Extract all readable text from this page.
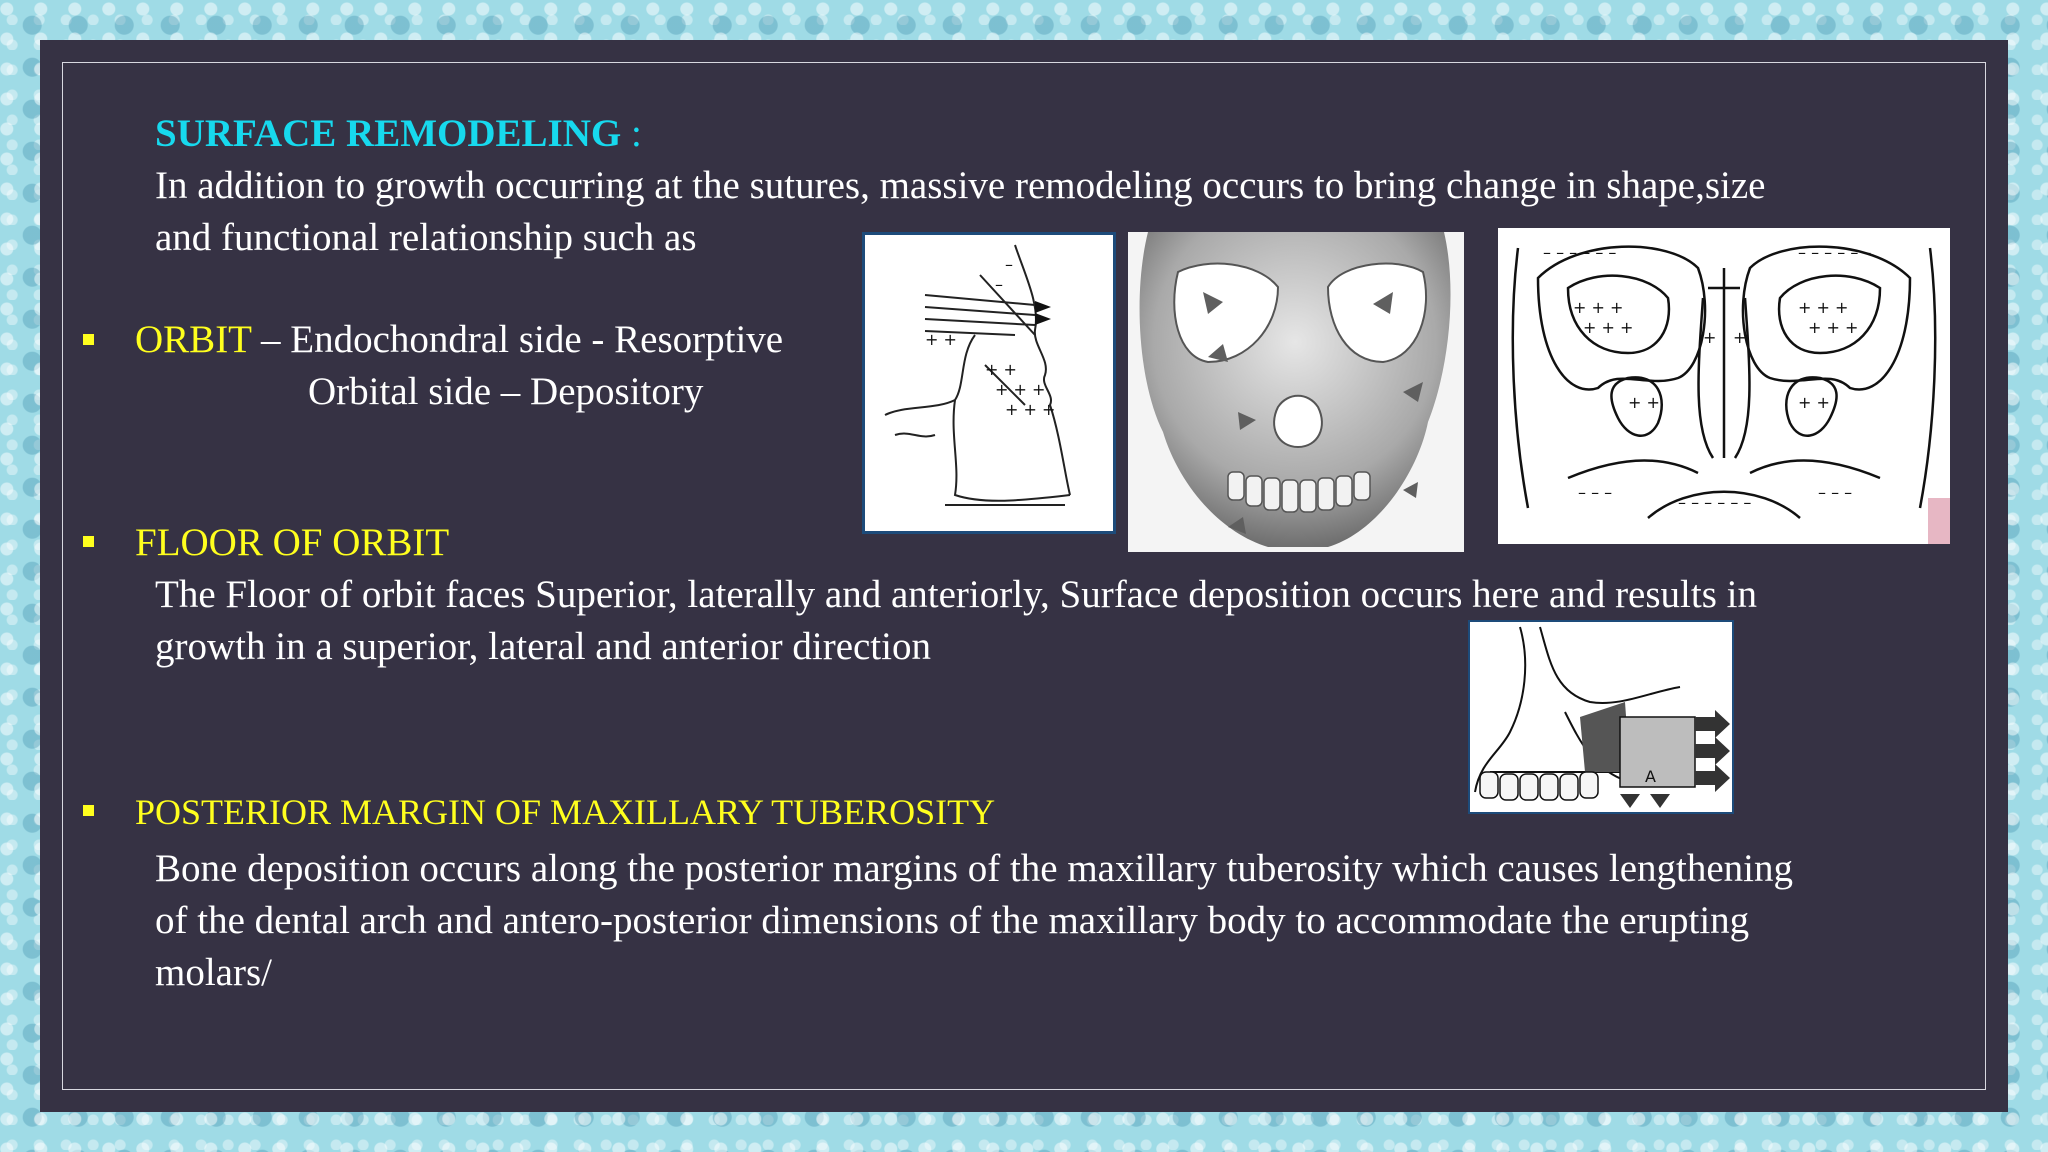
SURFACE REMODELING :
In addition to growth occurring at the sutures, massive remodeling occurs to bring change in shape,size
and functional relationship such as
ORBIT – Endochondral side - Resorptive
Orbital side – Depository
FLOOR OF ORBIT
The Floor of orbit faces Superior, laterally and anteriorly, Surface deposition occurs here and results in
growth in a superior, lateral and anterior direction
POSTERIOR MARGIN OF MAXILLARY TUBEROSITY
Bone deposition occurs along the posterior margins of the maxillary tuberosity which causes lengthening
of the dental arch and antero-posterior dimensions of the maxillary body to accommodate the erupting
molars/
+ +
+ + +
+ + +
+ +
–
–
+ + +
+ + +
+ + +
+ + +
+ +	+ +
– – – – – –	– – – – – –
– – – – – –
– – –	– – –
+ +
A
